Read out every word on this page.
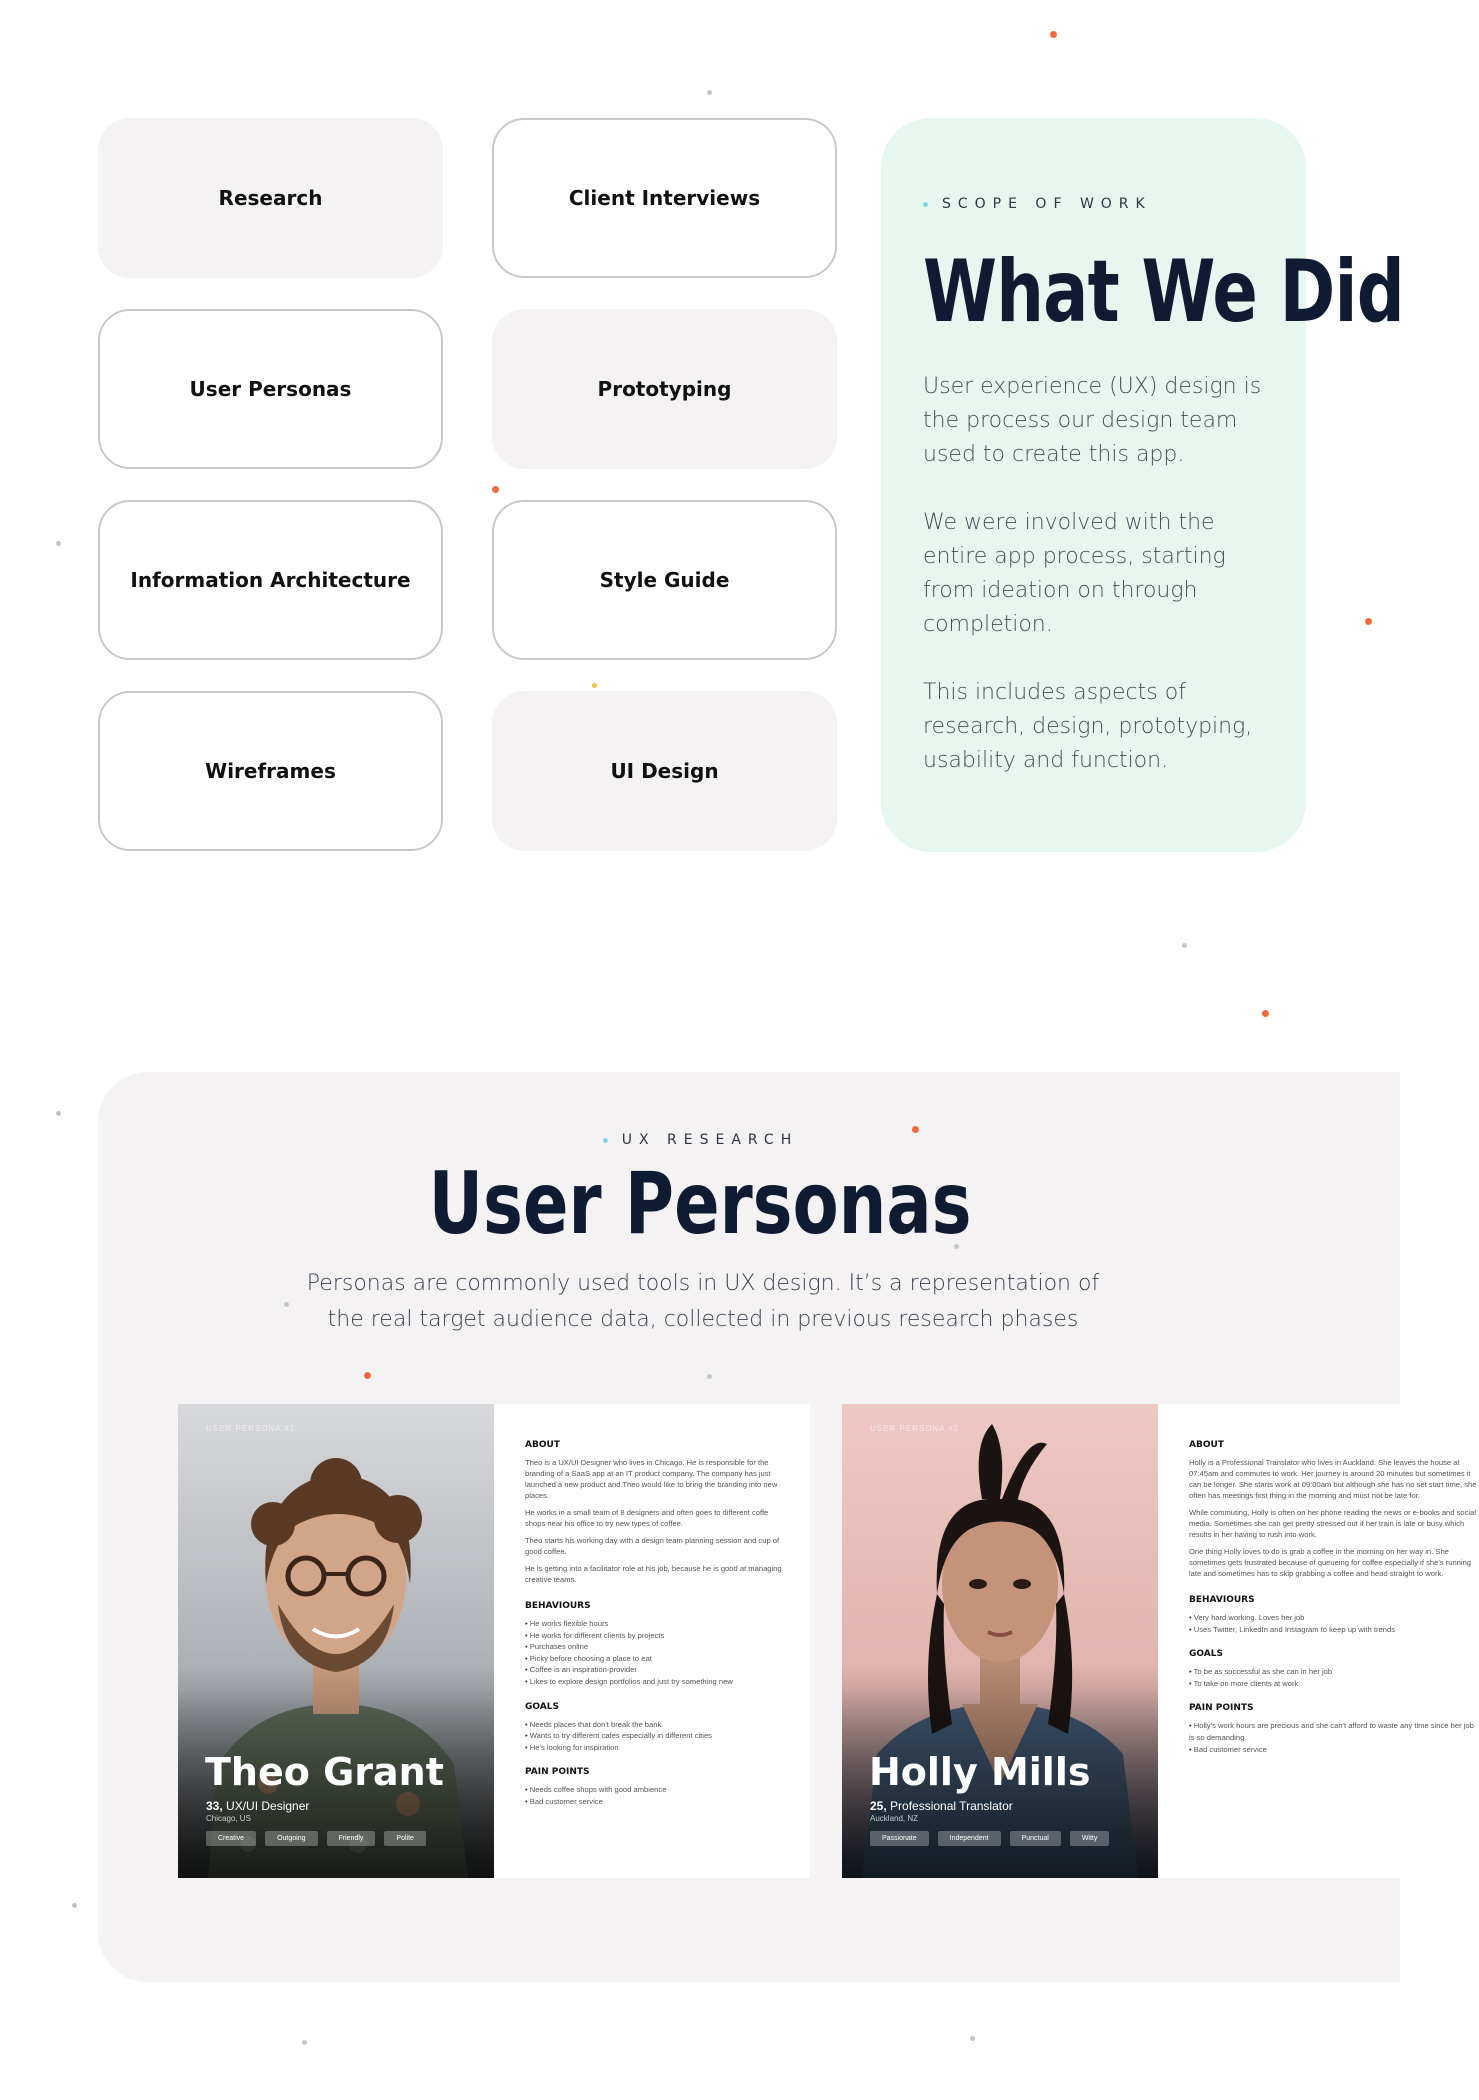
Research	Client Interviews
User Personas	Prototyping
Information Architecture	Style Guide
Wireframes	UI Design
SCOPE OF WORK
What We Did

User experience (UX) design is the process our design team used to create this app.

We were involved with the entire app process, starting from ideation on through completion.

This includes aspects of research, design, prototyping, usability and function.

UX RESEARCH
User Personas
Personas are commonly used tools in UX design. It’s a representation of the real target audience data, collected in previous research phases
USER PERSONA #1
Theo Grant
33, UX/UI Designer
Chicago, US
Creative	Outgoing	Friendly	Polite
ABOUT

Theo is a UX/UI Designer who lives in Chicago. He is responsible for the branding of a SaaS app at an IT product company. The company has just launched a new product and Theo would like to bring the branding into new places.

He works in a small team of 8 designers and often goes to different coffe shops near his office to try new types of coffee.

Theo starts his working day with a design team planning session and cup of good coffee.

He is getting into a facilitator role at his job, because he is good at managing creative teams.

BEHAVIOURS
• He works flexible hours
• He works for different clients by projects
• Purchases online
• Picky before choosing a place to eat
• Coffee is an inspiration-provider
• Likes to explore design portfolios and just try something new
GOALS
• Needs places that don't break the bank
• Wants to try different cafes especially in different cities
• He's looking for inspiration
PAIN POINTS
• Needs coffee shops with good ambience
• Bad customer service
USER PERSONA #2
Holly Mills
25, Professional Translator
Auckland, NZ
Passionate	Independent	Punctual	Witty
ABOUT

Holly is a Professional Translator who lives in Auckland. She leaves the house at 07:45am and commutes to work. Her journey is around 20 minutes but sometimes it can be longer. She starts work at 09:00am but although she has no set start time, she often has meetings first thing in the morning and must not be late for.

While commuting, Holly is often on her phone reading the news or e-books and social media. Sometimes she can get pretty stressed out if her train is late or busy which results in her having to rush into work.

One thing Holly loves to do is grab a coffee in the morning on her way in. She sometimes gets frustrated because of queueing for coffee especially if she's running late and sometimes has to skip grabbing a coffee and head straight to work.

BEHAVIOURS
• Very hard working. Loves her job
• Uses Twitter, LinkedIn and Instagram to keep up with trends
GOALS
• To be as successful as she can in her job
• To take on more clients at work
PAIN POINTS
• Holly's work hours are precious and she can't afford to waste any time since her job is so demanding
• Bad customer service
